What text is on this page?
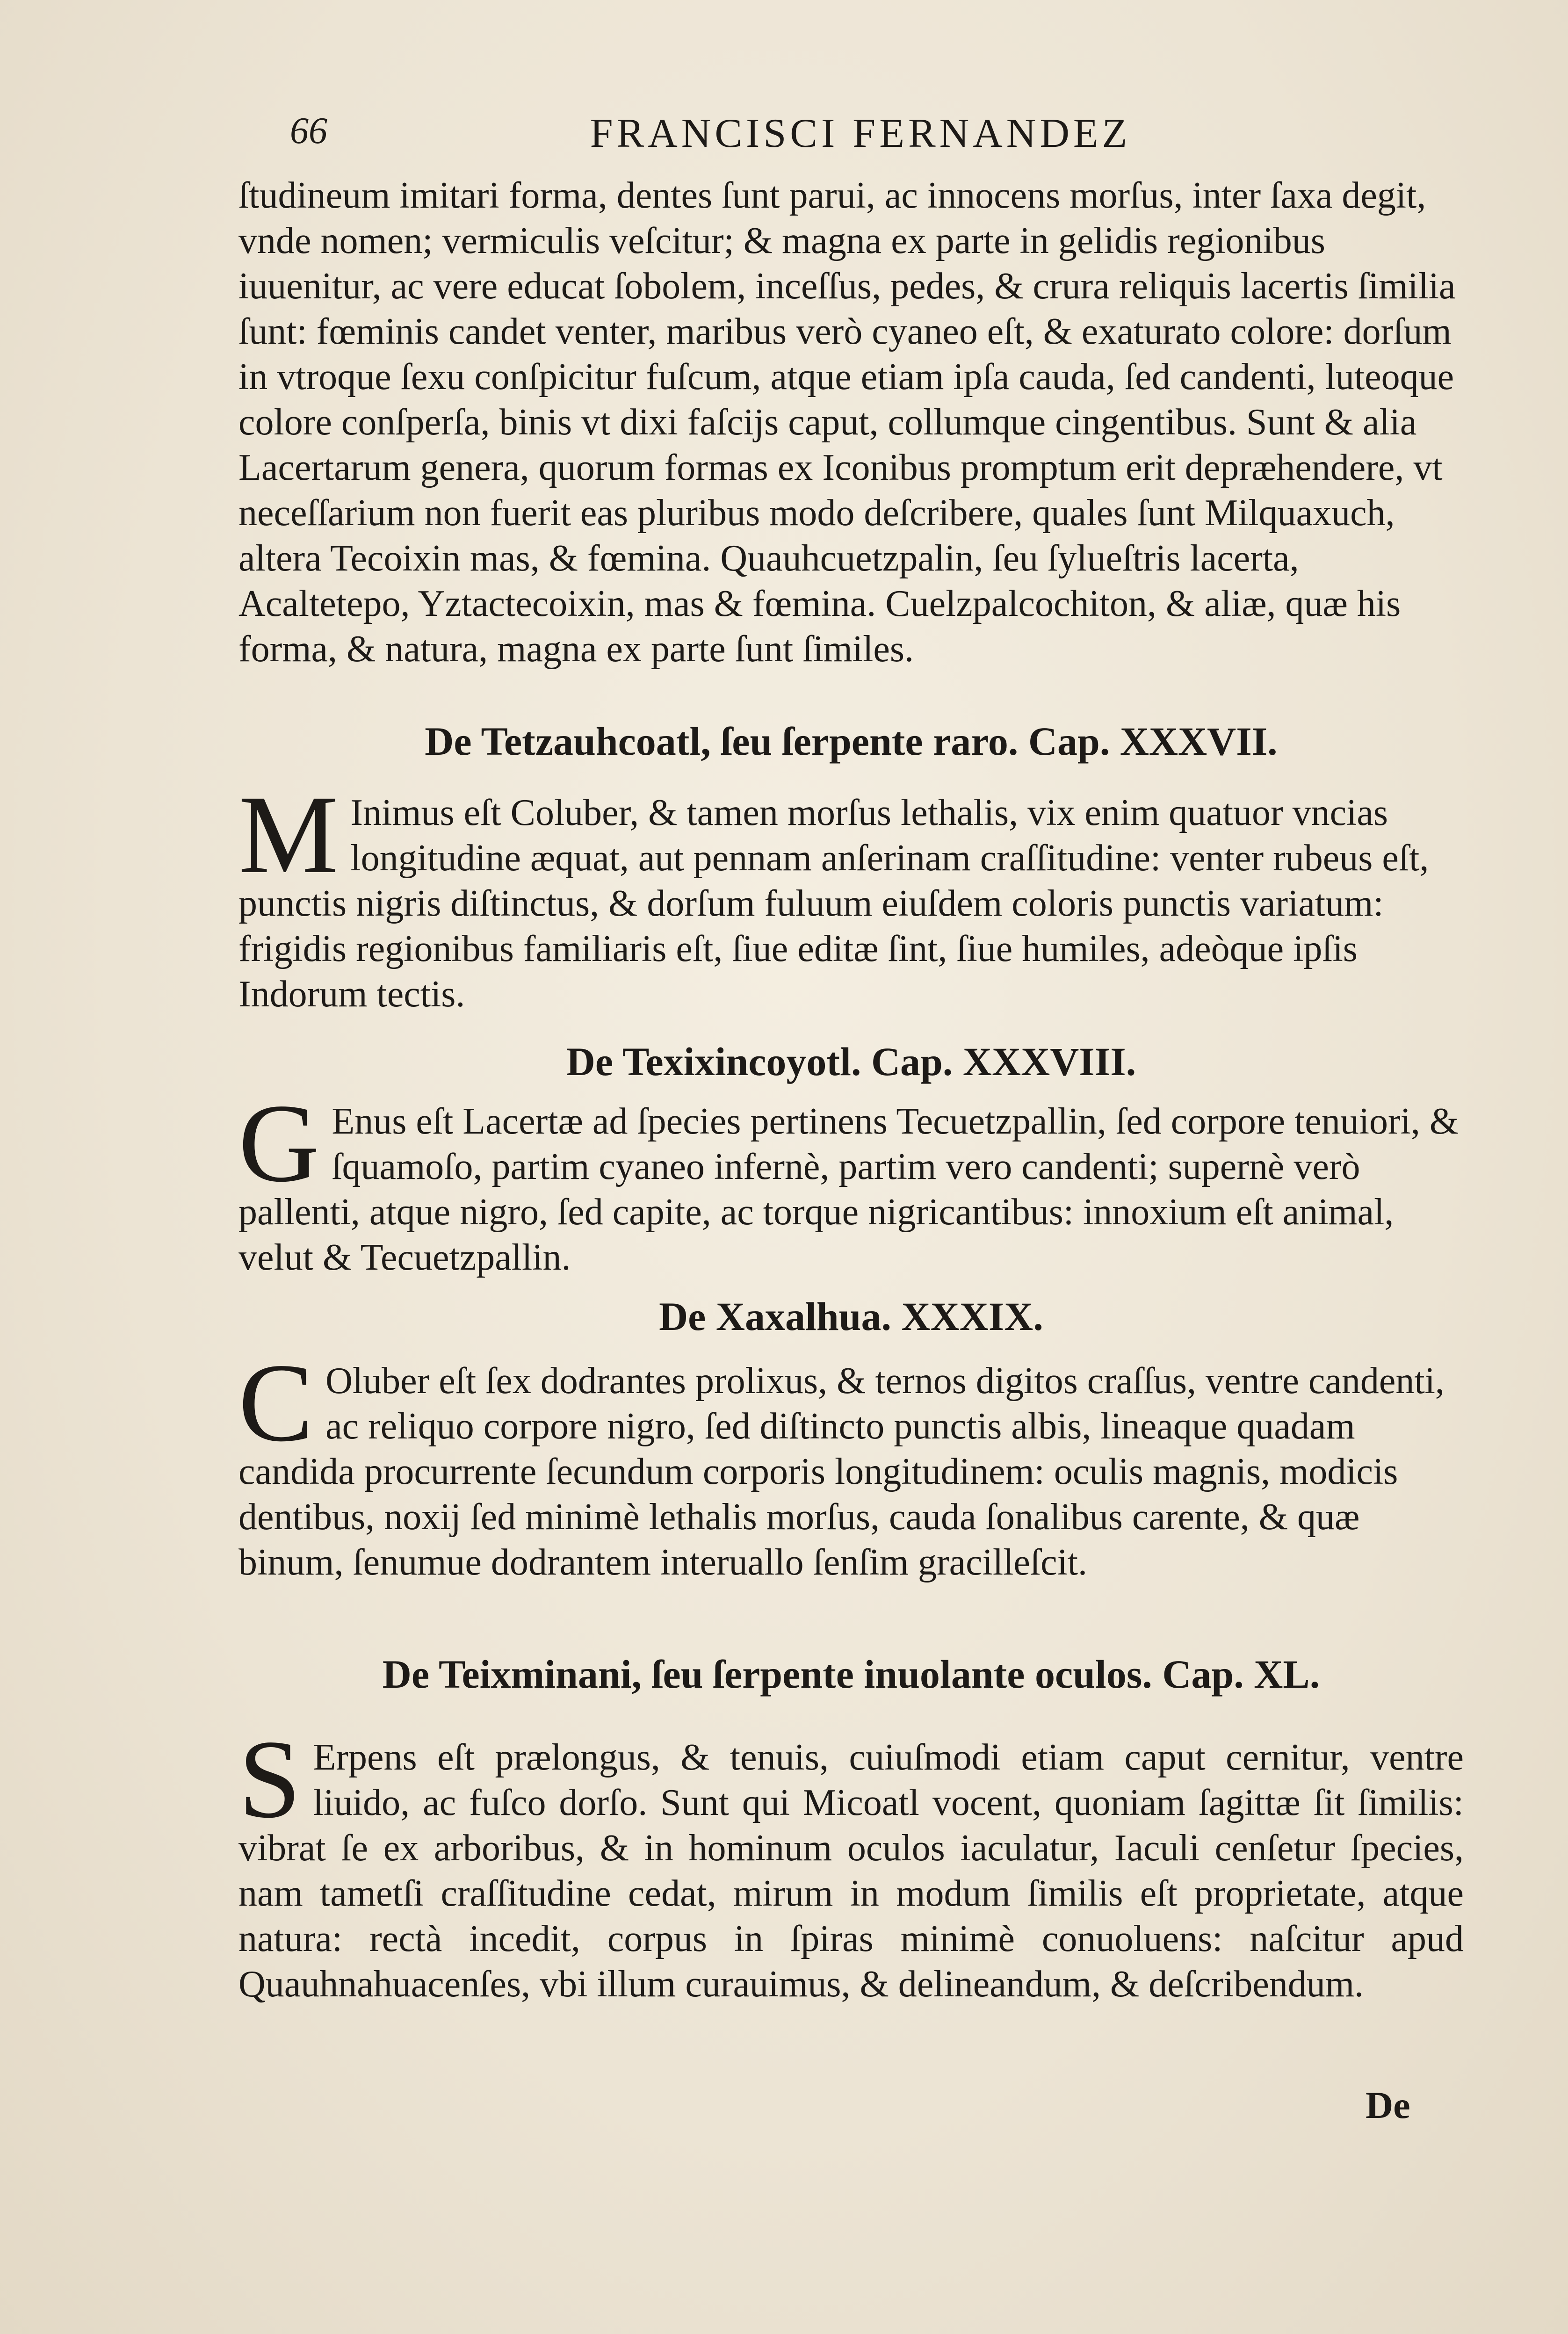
66	FRANCISCI FERNANDEZ

ſtudineum imitari forma, dentes ſunt parui, ac innocens morſus, inter ſaxa degit, vnde nomen; vermiculis veſcitur; & magna ex parte in gelidis regionibus iuuenitur, ac vere educat ſobolem, inceſſus, pedes, & crura reliquis lacertis ſimilia ſunt: fœminis candet venter, maribus verò cyaneo eſt, & exaturato colore: dorſum in vtroque ſexu conſpicitur fuſcum, atque etiam ipſa cauda, ſed candenti, luteoque colore conſperſa, binis vt dixi faſcijs caput, collumque cingentibus. Sunt & alia Lacertarum genera, quorum formas ex Iconibus promptum erit deprӕhendere, vt neceſſarium non fuerit eas pluribus modo deſcribere, quales ſunt Milquaxuch, altera Tecoixin mas, & fœmina. Quauhcuetzpalin, ſeu ſylueſtris lacerta, Acaltetepo, Yztactecoixin, mas & fœmina. Cuelzpalcochiton, & aliӕ, quӕ his forma, & natura, magna ex parte ſunt ſimiles.

De Tetzauhcoatl, ſeu ſerpente raro. Cap. XXXVII.

M Inimus eſt Coluber, & tamen morſus lethalis, vix enim quatuor vncias longitudine ӕquat, aut pennam anſerinam craſſitudine: venter rubeus eſt, punctis nigris diſtinctus, & dorſum fuluum eiuſdem coloris punctis variatum: frigidis regionibus familiaris eſt, ſiue editӕ ſint, ſiue humiles, adeòque ipſis Indorum tectis.

De Texixincoyotl. Cap. XXXVIII.

G Enus eſt Lacertӕ ad ſpecies pertinens Tecuetzpallin, ſed corpore tenuiori, & ſquamoſo, partim cyaneo infernè, partim vero candenti; supernè verò pallenti, atque nigro, ſed capite, ac torque nigricantibus: innoxium eſt animal, velut & Tecuetzpallin.

De Xaxalhua. XXXIX.

C Oluber eſt ſex dodrantes prolixus, & ternos digitos craſſus, ventre candenti, ac reliquo corpore nigro, ſed diſtincto punctis albis, lineaque quadam candida procurrente ſecundum corporis longitudinem: oculis magnis, modicis dentibus, noxij ſed minimè lethalis morſus, cauda ſonalibus carente, & quӕ binum, ſenumue dodrantem interuallo ſenſim gracilleſcit.

De Teixminani, ſeu ſerpente inuolante oculos. Cap. XL.

S Erpens eſt prӕlongus, & tenuis, cuiuſmodi etiam caput cernitur, ventre liuido, ac fuſco dorſo. Sunt qui Micoatl vocent, quoniam ſagittӕ ſit ſimilis: vibrat ſe ex arboribus, & in hominum oculos iaculatur, Iaculi cenſetur ſpecies, nam tametſi craſſitudine cedat, mirum in modum ſimilis eſt proprietate, atque natura: rectà incedit, corpus in ſpiras minimè conuoluens: naſcitur apud Quauhnahuacenſes, vbi illum curauimus, & delineandum, & deſcribendum.

De
